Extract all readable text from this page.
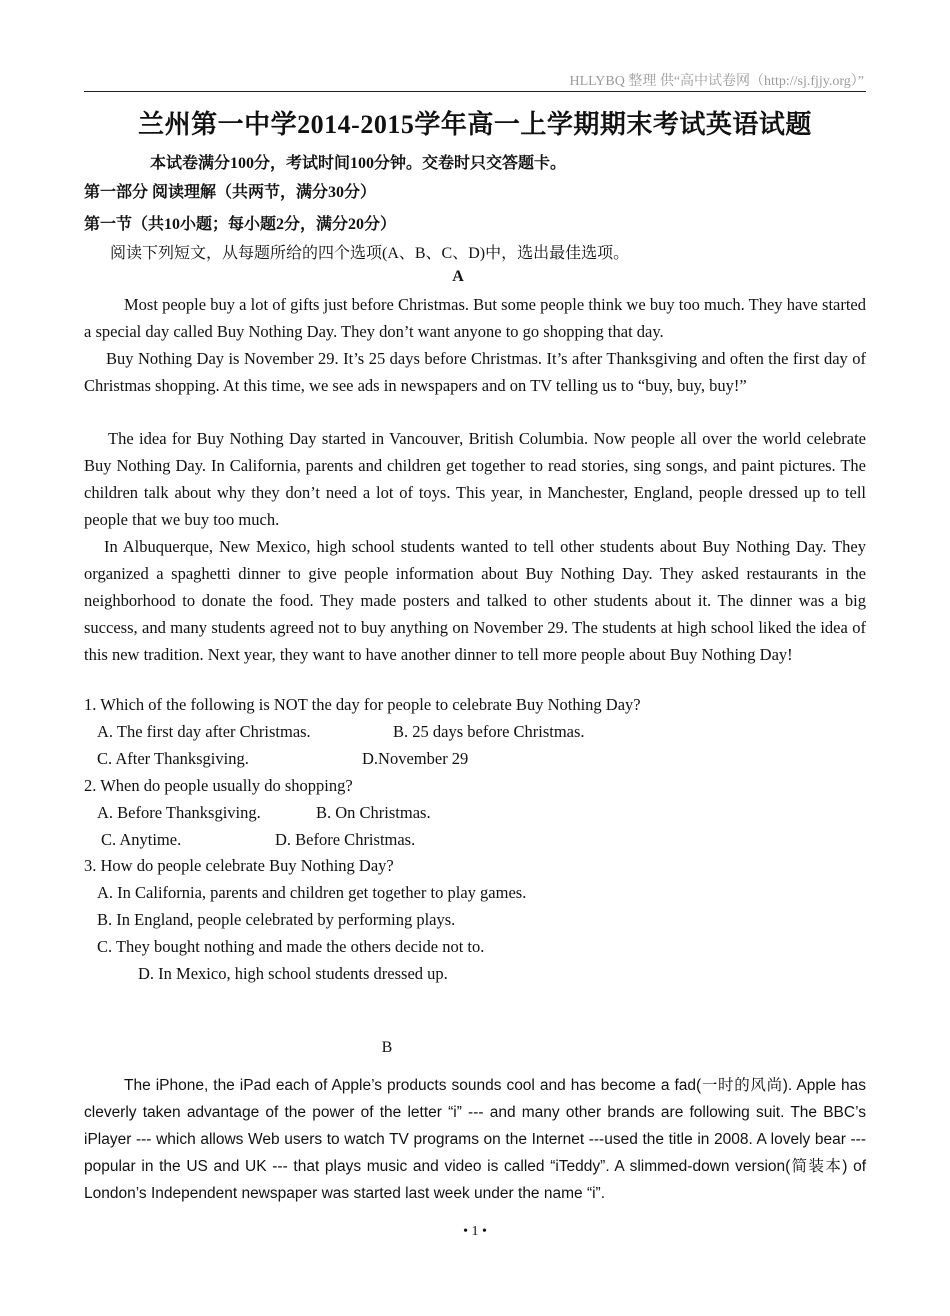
HLLYBQ 整理 供“高中试卷网（http://sj.fjjy.org）”
兰州第一中学2014-2015学年高一上学期期末考试英语试题
本试卷满分100分，考试时间100分钟。交卷时只交答题卡。
第一部分 阅读理解（共两节，满分30分）
第一节（共10小题；每小题2分，满分20分）
阅读下列短文，从每题所给的四个选项(A、B、C、D)中，选出最佳选项。
A

Most people buy a lot of gifts just before Christmas. But some people think we buy too much. They have started a special day called Buy Nothing Day. They don’t want anyone to go shopping that day.

Buy Nothing Day is November 29. It’s 25 days before Christmas. It’s after Thanksgiving and often the first day of Christmas shopping. At this time, we see ads in newspapers and on TV telling us to “buy, buy, buy!”

The idea for Buy Nothing Day started in Vancouver, British Columbia. Now people all over the world celebrate Buy Nothing Day. In California, parents and children get together to read stories, sing songs, and paint pictures. The children talk about why they don’t need a lot of toys. This year, in Manchester, England, people dressed up to tell people that we buy too much.

In Albuquerque, New Mexico, high school students wanted to tell other students about Buy Nothing Day. They organized a spaghetti dinner to give people information about Buy Nothing Day. They asked restaurants in the neighborhood to donate the food. They made posters and talked to other students about it. The dinner was a big success, and many students agreed not to buy anything on November 29. The students at high school liked the idea of this new tradition. Next year, they want to have another dinner to tell more people about Buy Nothing Day!

1. Which of the following is NOT the day for people to celebrate Buy Nothing Day?
A. The first day after Christmas.	B. 25 days before Christmas.
C. After Thanksgiving.	D.November 29
2. When do people usually do shopping?
A. Before Thanksgiving.	B. On Christmas.
C. Anytime.	D. Before Christmas.
3. How do people celebrate Buy Nothing Day?
A. In California, parents and children get together to play games.
B. In England, people celebrated by performing plays.
C. They bought nothing and made the others decide not to.
D. In Mexico, high school students dressed up.
B

The iPhone, the iPad each of Apple’s products sounds cool and has become a fad(一时的风尚). Apple has cleverly taken advantage of the power of the letter “i” --- and many other brands are following suit. The BBC’s iPlayer --- which allows Web users to watch TV programs on the Internet ---used the title in 2008. A lovely bear --- popular in the US and UK --- that plays music and video is called “iTeddy”. A slimmed-down version(简装本) of London’s Independent newspaper was started last week under the name “i”.

• 1 •
